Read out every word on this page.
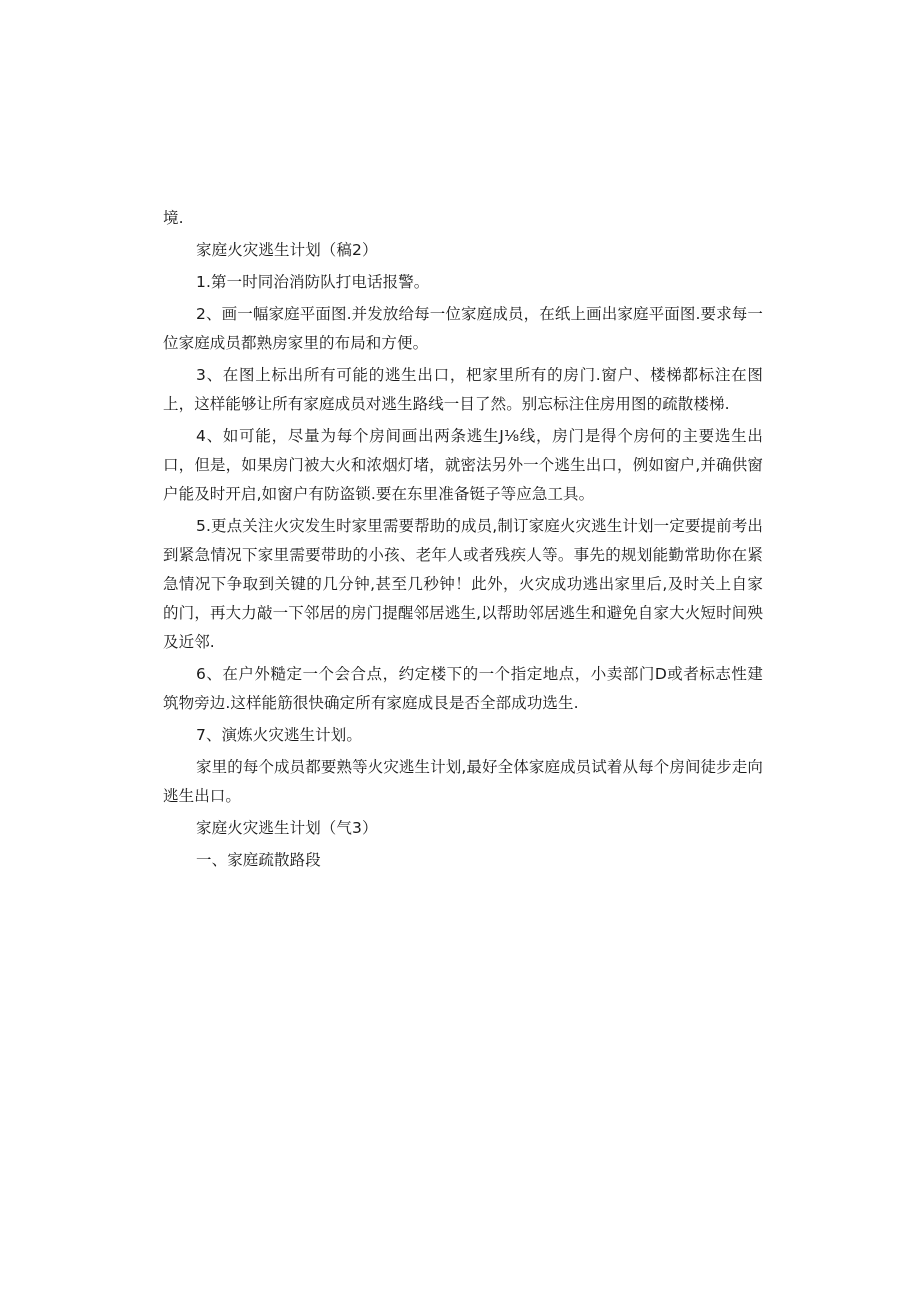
境.

家庭火灾逃生计划（稿2）

1.第一时同治消防队打电话报警。

2、画一幅家庭平面图.并发放给每一位家庭成员，在纸上画出家庭平面图.要求每一位家庭成员都熟房家里的布局和方便。

3、在图上标出所有可能的逃生出口，杷家里所有的房门.窗户、楼梯都标注在图上，这样能够让所有家庭成员对逃生路线一目了然。别忘标注住房用图的疏散楼梯.

4、如可能，尽量为每个房间画出两条逃生J⅛线，房门是得个房何的主要选生出口，但是，如果房门被大火和浓烟灯堵，就密法另外一个逃生出口，例如窗户,并确供窗户能及时开启,如窗户有防盗锁.要在东里准备铤子等应急工具。

5.更点关注火灾发生时家里需要帮助的成员,制订家庭火灾逃生计划一定要提前考出到紧急情况下家里需要带助的小孩、老年人或者残疾人等。事先的规划能勤常助你在紧急情况下争取到关键的几分钟,甚至几秒钟！此外，火灾成功逃出家里后,及时关上自家的门，再大力敲一下邻居的房门提醒邻居逃生,以帮助邻居逃生和避免自家大火短时间殃及近邻.

6、在户外糙定一个会合点，约定楼下的一个指定地点，小卖部门D或者标志性建筑物旁边.这样能筋很快确定所有家庭成艮是否全部成功选生.

7、演炼火灾逃生计划。

家里的每个成员都要熟等火灾逃生计划,最好全体家庭成员试着从每个房间徒步走向逃生出口。

家庭火灾逃生计划（气3）

一、家庭疏散路段
